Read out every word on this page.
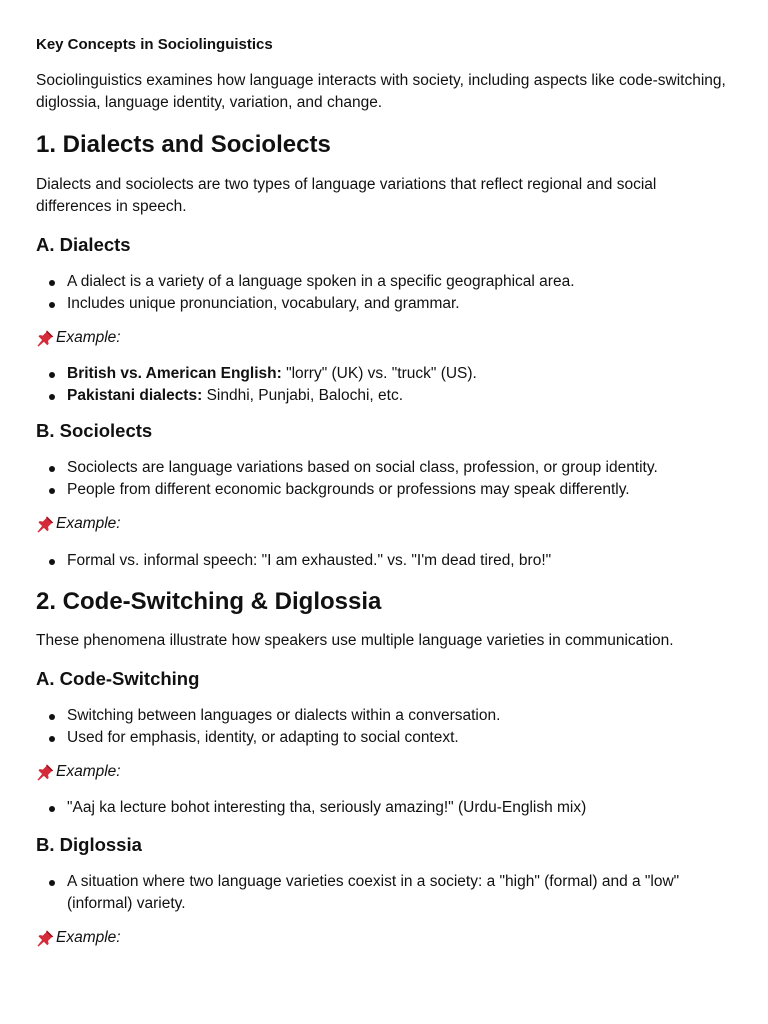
Key Concepts in Sociolinguistics

Sociolinguistics examines how language interacts with society, including aspects like code-switching, diglossia, language identity, variation, and change.

1. Dialects and Sociolects

Dialects and sociolects are two types of language variations that reflect regional and social differences in speech.

A. Dialects
A dialect is a variety of a language spoken in a specific geographical area.
Includes unique pronunciation, vocabulary, and grammar.

Example:

British vs. American English: "lorry" (UK) vs. "truck" (US).
Pakistani dialects: Sindhi, Punjabi, Balochi, etc.
B. Sociolects
Sociolects are language variations based on social class, profession, or group identity.
People from different economic backgrounds or professions may speak differently.

Example:

Formal vs. informal speech: "I am exhausted." vs. "I'm dead tired, bro!"
2. Code-Switching & Diglossia

These phenomena illustrate how speakers use multiple language varieties in communication.

A. Code-Switching
Switching between languages or dialects within a conversation.
Used for emphasis, identity, or adapting to social context.

Example:

"Aaj ka lecture bohot interesting tha, seriously amazing!" (Urdu-English mix)
B. Diglossia
A situation where two language varieties coexist in a society: a "high" (formal) and a "low" (informal) variety.

Example:
